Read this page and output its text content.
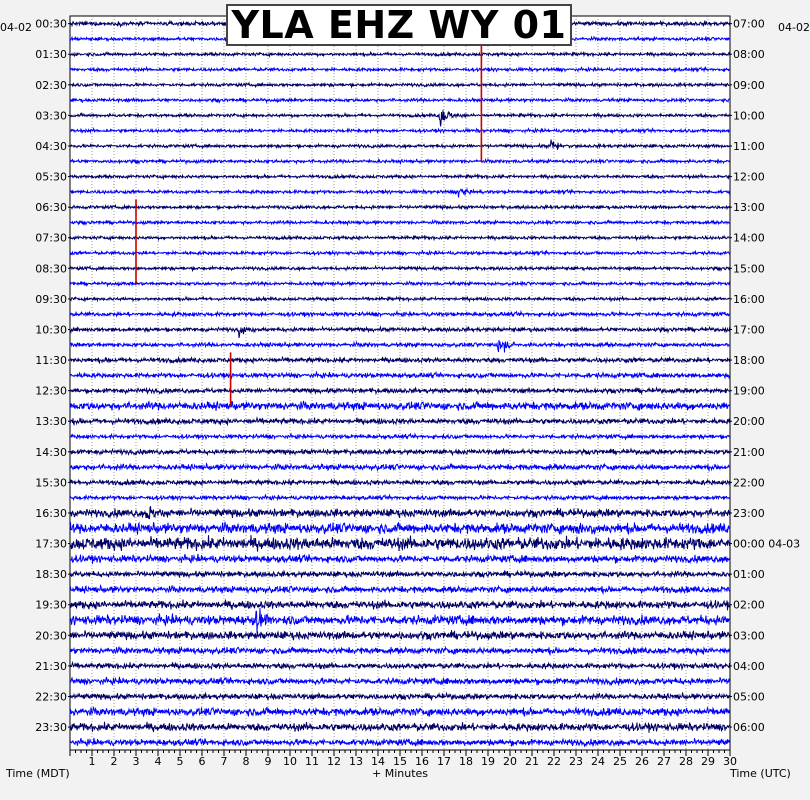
00:30
01:30
02:30
03:30
04:30
05:30
06:30
07:30
08:30
09:30
10:30
11:30
12:30
13:30
14:30
15:30
16:30
17:30
18:30
19:30
20:30
21:30
22:30
23:30
07:00
08:00
09:00
10:00
11:00
12:00
13:00
14:00
15:00
16:00
17:00
18:00
19:00
20:00
21:00
22:00
23:00
00:00 04-03
01:00
02:00
03:00
04:00
05:00
06:00
1 2 3 4 5 6 7 8 9 10 11 12 13 14 15 16 17 18 19 20 21 22 23 24 25 26 27 28 29 30
YLA EHZ WY 01
04-02	04-02
Time (MDT)	+ Minutes	Time (UTC)
